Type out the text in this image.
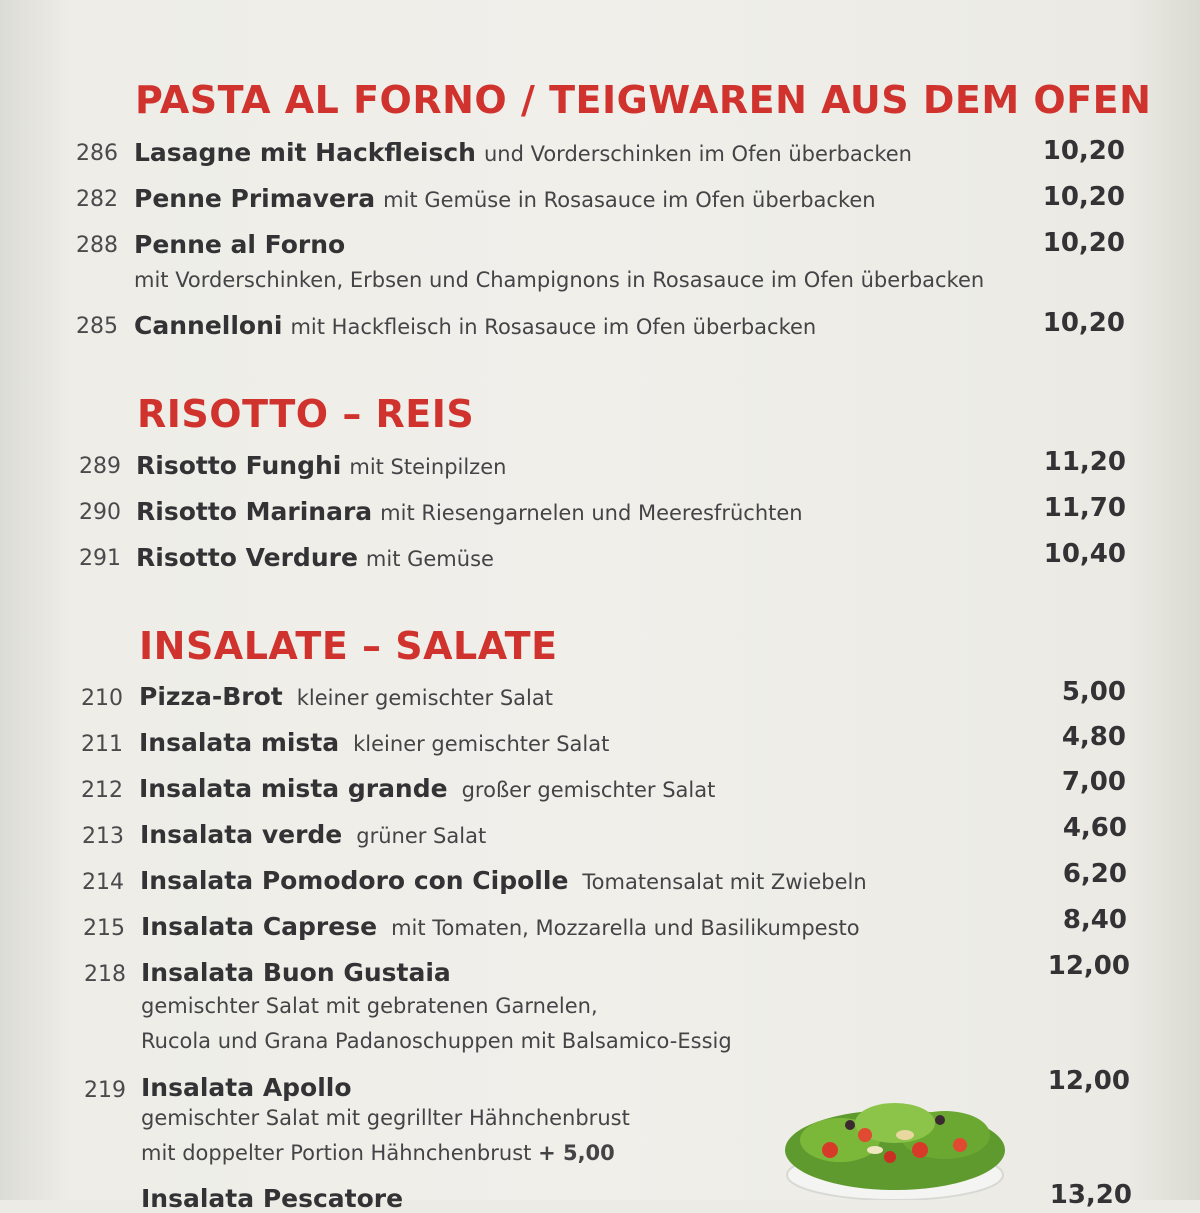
PASTA AL FORNO / TEIGWAREN AUS DEM OFEN
286 Lasagne mit Hackfleisch und Vorderschinken im Ofen überbacken	10,20
282 Penne Primavera mit Gemüse in Rosasauce im Ofen überbacken	10,20
288 Penne al Forno
mit Vorderschinken, Erbsen und Champignons in Rosasauce im Ofen überbacken
10,20
285 Cannelloni mit Hackfleisch in Rosasauce im Ofen überbacken	10,20
RISOTTO – REIS
289 Risotto Funghi mit Steinpilzen	11,20
290 Risotto Marinara mit Riesengarnelen und Meeresfrüchten	11,70
291 Risotto Verdure mit Gemüse	10,40
INSALATE – SALATE
210 Pizza-Brot kleiner gemischter Salat	5,00
211 Insalata mista kleiner gemischter Salat	4,80
212 Insalata mista grande großer gemischter Salat	7,00
213 Insalata verde grüner Salat	4,60
214 Insalata Pomodoro con Cipolle Tomatensalat mit Zwiebeln	6,20
215 Insalata Caprese mit Tomaten, Mozzarella und Basilikumpesto	8,40
218 Insalata Buon Gustaia
gemischter Salat mit gebratenen Garnelen,
Rucola und Grana Padanoschuppen mit Balsamico-Essig
12,00
219 Insalata Apollo
gemischter Salat mit gegrillter Hähnchenbrust
mit doppelter Portion Hähnchenbrust + 5,00
12,00
Insalata Pescatore	13,20
